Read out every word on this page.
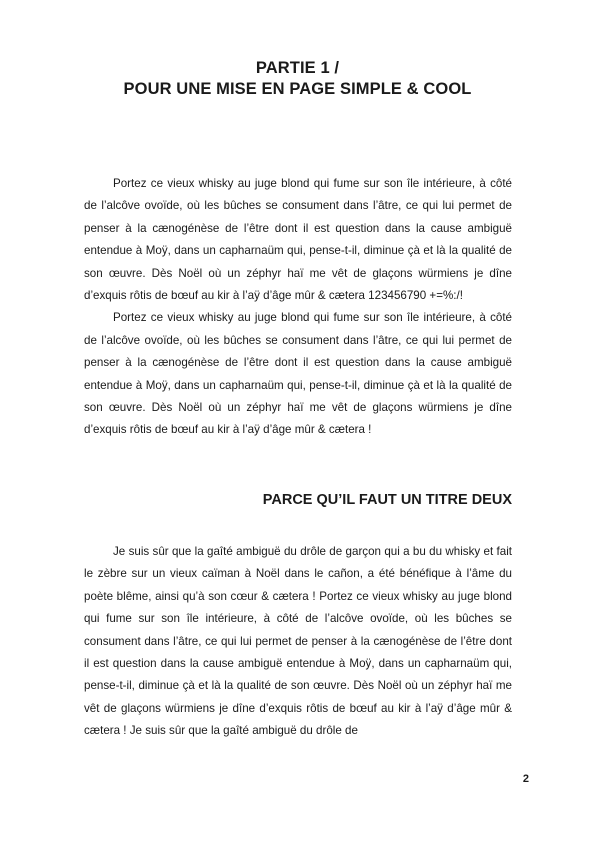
PARTIE 1 /
POUR UNE MISE EN PAGE SIMPLE & COOL

Portez ce vieux whisky au juge blond qui fume sur son île intérieure, à côté de l’alcôve ovoïde, où les bûches se consument dans l’âtre, ce qui lui permet de penser à la cænogénèse de l’être dont il est question dans la cause ambiguë entendue à Moÿ, dans un capharnaüm qui, pense-t-il, diminue çà et là la qualité de son œuvre. Dès Noël où un zéphyr haï me vêt de glaçons würmiens je dîne d’exquis rôtis de bœuf au kir à l’aÿ d’âge mûr & cætera 123456790 +=%:/!

Portez ce vieux whisky au juge blond qui fume sur son île intérieure, à côté de l’alcôve ovoïde, où les bûches se consument dans l’âtre, ce qui lui permet de penser à la cænogénèse de l’être dont il est question dans la cause ambiguë entendue à Moÿ, dans un capharnaüm qui, pense-t-il, diminue çà et là la qualité de son œuvre. Dès Noël où un zéphyr haï me vêt de glaçons würmiens je dîne d’exquis rôtis de bœuf au kir à l’aÿ d’âge mûr & cætera !

PARCE QU’IL FAUT UN TITRE DEUX

Je suis sûr que la gaîté ambiguë du drôle de garçon qui a bu du whisky et fait le zèbre sur un vieux caïman à Noël dans le cañon, a été bénéfique à l’âme du poète blême, ainsi qu’à son cœur & cætera ! Portez ce vieux whisky au juge blond qui fume sur son île intérieure, à côté de l’alcôve ovoïde, où les bûches se consument dans l’âtre, ce qui lui permet de penser à la cænogénèse de l’être dont il est question dans la cause ambiguë entendue à Moÿ, dans un capharnaüm qui, pense-t-il, diminue çà et là la qualité de son œuvre. Dès Noël où un zéphyr haï me vêt de glaçons würmiens je dîne d’exquis rôtis de bœuf au kir à l’aÿ d’âge mûr & cætera ! Je suis sûr que la gaîté ambiguë du drôle de

2
